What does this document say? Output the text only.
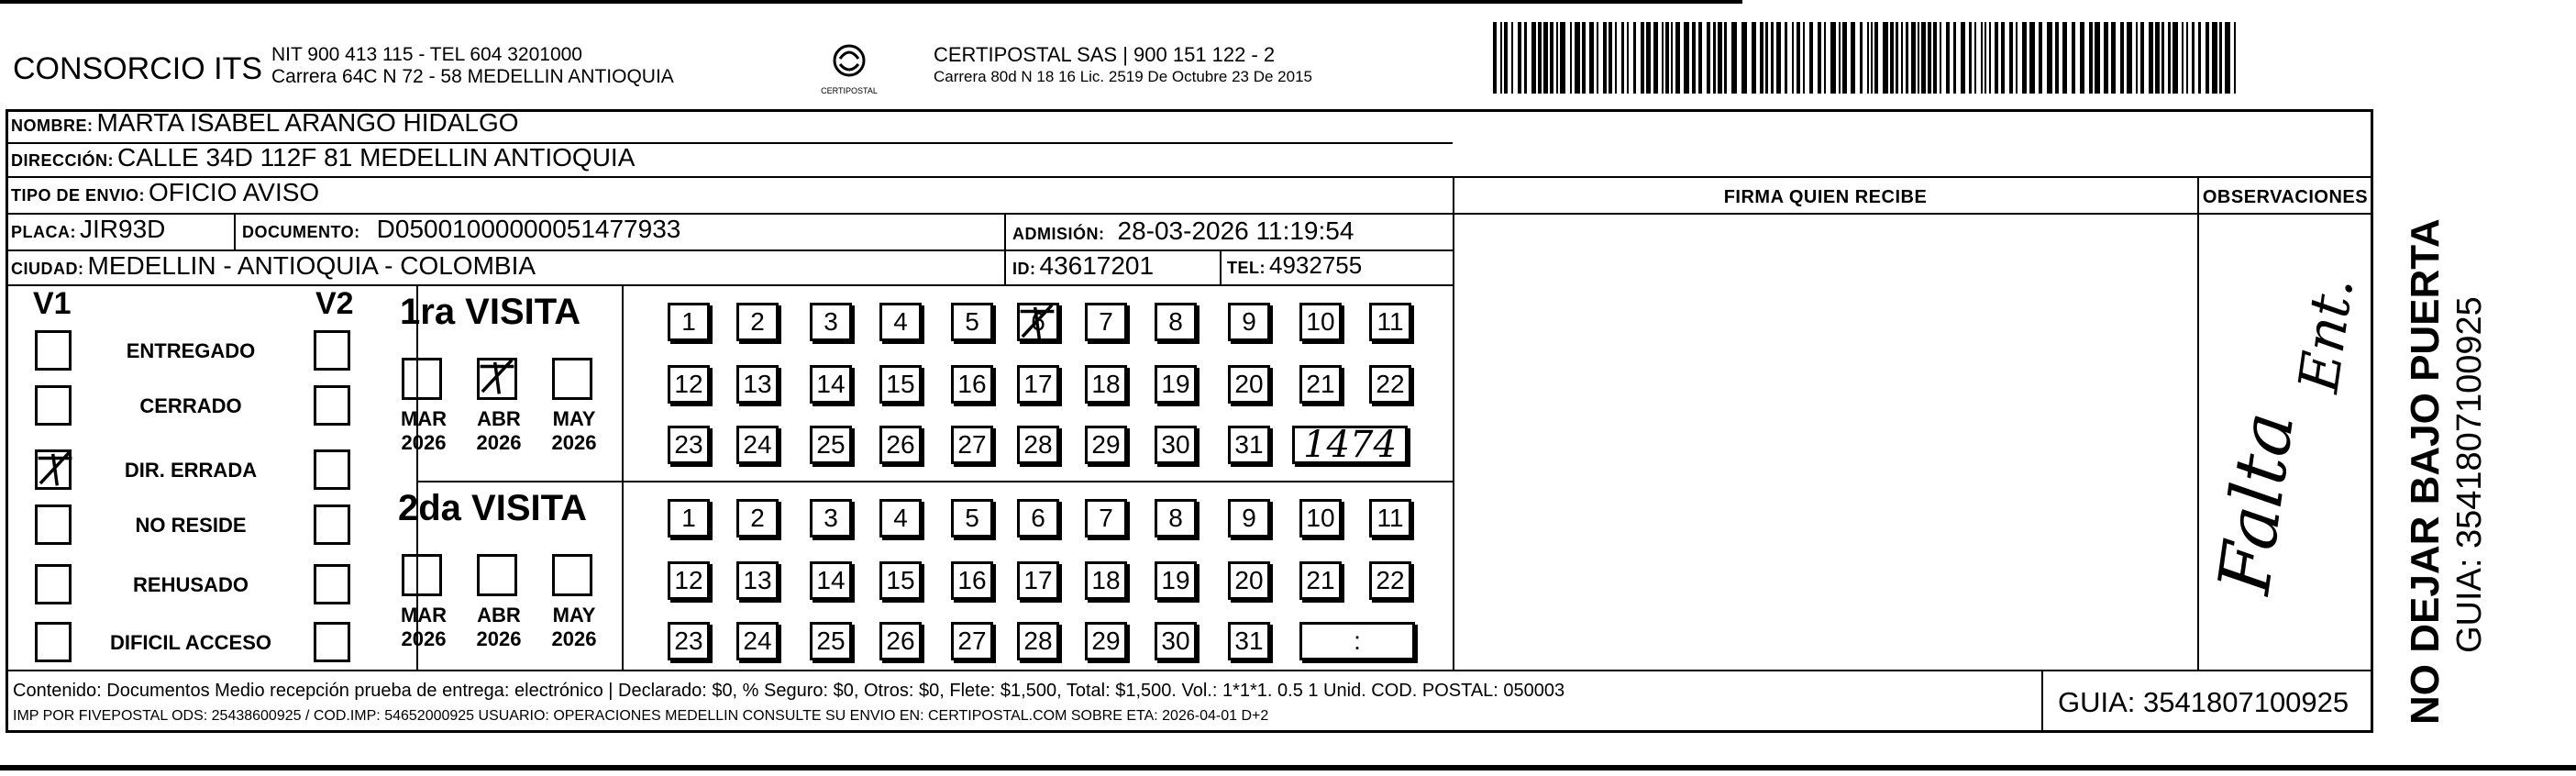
CONSORCIO ITS NIT 900 413 115 - TEL 604 3201000
Carrera 64C N 72 - 58 MEDELLIN ANTIOQUIA
CERTIPOSTAL
CERTIPOSTAL SAS | 900 151 122 - 2
Carrera 80d N 18 16 Lic. 2519 De Octubre 23 De 2015
NOMBRE: MARTA ISABEL ARANGO HIDALGO
DIRECCIÓN: CALLE 34D 112F 81 MEDELLIN ANTIOQUIA
TIPO DE ENVIO: OFICIO AVISO	FIRMA QUIEN RECIBE	OBSERVACIONES
PLACA: JIR93D	DOCUMENTO: D05001000000051477933	ADMISIÓN: 28-03-2026 11:19:54
CIUDAD: MEDELLIN - ANTIOQUIA - COLOMBIA	ID: 43617201	TEL: 4932755
V1	V2
ENTREGADO
CERRADO
DIR. ERRADA
NO RESIDE
REHUSADO
DIFICIL ACCESO
1ra VISITA
MAR
2026
ABR
2026
MAY
2026
1 2 3 4 5 6 7 8 9 10 11
12 13 14 15 16 17 18 19 20 21 22
23 24 25 26 27 28 29 30 31	1474
2da VISITA
MAR
2026
ABR
2026
MAY
2026
1 2 3 4 5 6 7 8 9 10 11
12 13 14 15 16 17 18 19 20 21 22
23 24 25 26 27 28 29 30 31	:
Falta
Ent.
Contenido: Documentos Medio recepción prueba de entrega: electrónico | Declarado: $0, % Seguro: $0, Otros: $0, Flete: $1,500, Total: $1,500. Vol.: 1*1*1. 0.5 1 Unid. COD. POSTAL: 050003
IMP POR FIVEPOSTAL ODS: 25438600925 / COD.IMP: 54652000925 USUARIO: OPERACIONES MEDELLIN CONSULTE SU ENVIO EN: CERTIPOSTAL.COM SOBRE ETA: 2026-04-01 D+2	GUIA: 3541807100925 NO DEJAR BAJO PUERTA GUIA: 3541807100925
